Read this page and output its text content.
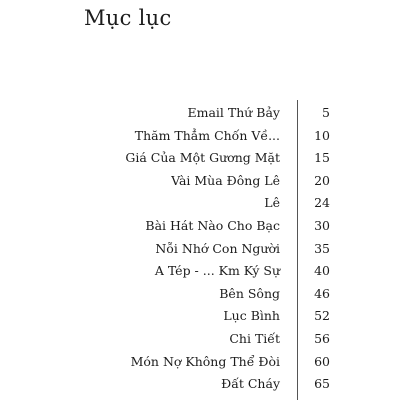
Mục lục
Email Thứ Bảy	5
Thăm Thẳm Chốn Về...	10
Giá Của Một Gương Mặt	15
Vài Mùa Đông Lê	20
Lê	24
Bài Hát Nào Cho Bạc	30
Nỗi Nhớ Con Người	35
A Tép - ... Km Ký Sự	40
Bên Sông	46
Lục Bình	52
Chi Tiết	56
Món Nợ Không Thể Đòi	60
Đất Cháy	65
